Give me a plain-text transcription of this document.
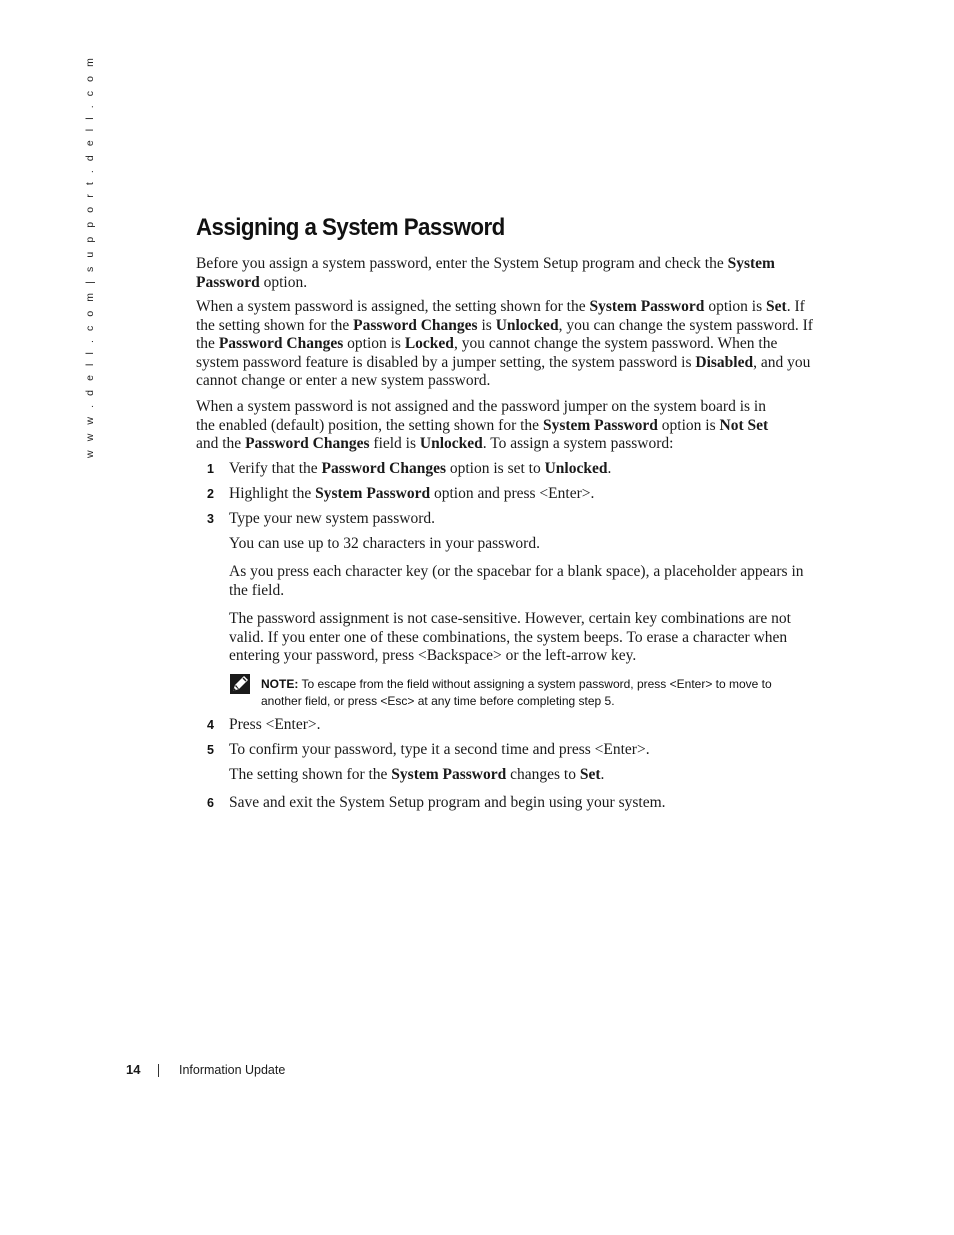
w w w . d e l l . c o m | s u p p o r t . d e l l . c o m	Assigning a System Password

Before you assign a system password, enter the System Setup program and check the System Password option.

When a system password is assigned, the setting shown for the System Password option is Set. If the setting shown for the Password Changes is Unlocked, you can change the system password. If the Password Changes option is Locked, you cannot change the system password. When the system password feature is disabled by a jumper setting, the system password is Disabled, and you cannot change or enter a new system password.

When a system password is not assigned and the password jumper on the system board is in the enabled (default) position, the setting shown for the System Password option is Not Set and the Password Changes field is Unlocked. To assign a system password:

1 Verify that the Password Changes option is set to Unlocked.

2 Highlight the System Password option and press <Enter>.

3 Type your new system password.

You can use up to 32 characters in your password.

As you press each character key (or the spacebar for a blank space), a placeholder appears in the field.

The password assignment is not case-sensitive. However, certain key combinations are not valid. If you enter one of these combinations, the system beeps. To erase a character when entering your password, press <Backspace> or the left-arrow key.

NOTE: To escape from the field without assigning a system password, press <Enter> to move to another field, or press <Esc> at any time before completing step 5.

4 Press <Enter>.

5 To confirm your password, type it a second time and press <Enter>.

The setting shown for the System Password changes to Set.

6 Save and exit the System Setup program and begin using your system.

14	Information Update
